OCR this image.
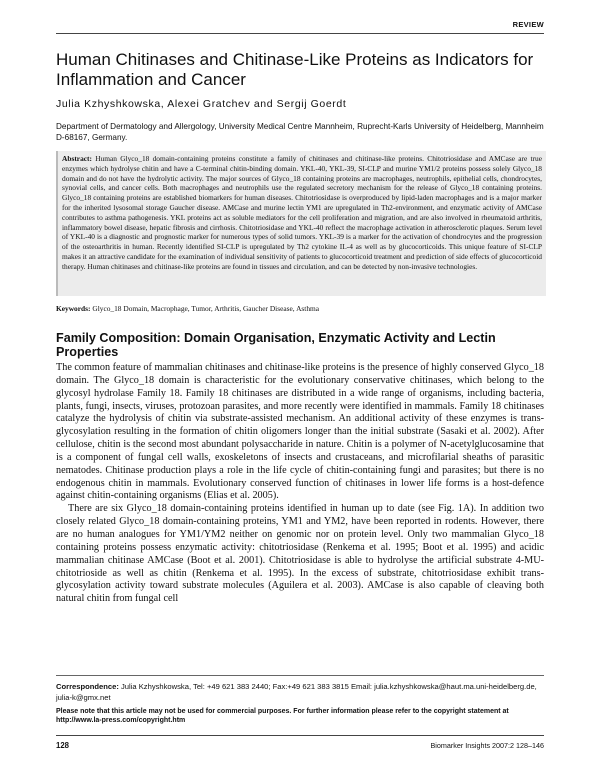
REVIEW
Human Chitinases and Chitinase-Like Proteins as Indicators for Inflammation and Cancer
Julia Kzhyshkowska, Alexei Gratchev and Sergij Goerdt
Department of Dermatology and Allergology, University Medical Centre Mannheim, Ruprecht-Karls University of Heidelberg, Mannheim D-68167, Germany.
Abstract: Human Glyco_18 domain-containing proteins constitute a family of chitinases and chitinase-like proteins. Chitotriosidase and AMCase are true enzymes which hydrolyse chitin and have a C-terminal chitin-binding domain. YKL-40, YKL-39, SI-CLP and murine YM1/2 proteins possess solely Glyco_18 domain and do not have the hydrolytic activity. The major sources of Glyco_18 containing proteins are macrophages, neutrophils, epithelial cells, chondrocytes, synovial cells, and cancer cells. Both macrophages and neutrophils use the regulated secretory mechanism for the release of Glyco_18 containing proteins. Glyco_18 containing proteins are established biomarkers for human diseases. Chitotriosidase is overproduced by lipid-laden macrophages and is a major marker for the inherited lysosomal storage Gaucher disease. AMCase and murine lectin YM1 are upregulated in Th2-environment, and enzymatic activity of AMCase contributes to asthma pathogenesis. YKL proteins act as soluble mediators for the cell proliferation and migration, and are also involved in rheumatoid arthritis, inflammatory bowel disease, hepatic fibrosis and cirrhosis. Chitotriosidase and YKL-40 reflect the macrophage activation in atherosclerotic plaques. Serum level of YKL-40 is a diagnostic and prognostic marker for numerous types of solid tumors. YKL-39 is a marker for the activation of chondrocytes and the progression of the osteoarthritis in human. Recently identified SI-CLP is upregulated by Th2 cytokine IL-4 as well as by glucocorticoids. This unique feature of SI-CLP makes it an attractive candidate for the examination of individual sensitivity of patients to glucocorticoid treatment and prediction of side effects of glucocorticoid therapy. Human chitinases and chitinase-like proteins are found in tissues and circulation, and can be detected by non-invasive technologies.
Keywords: Glyco_18 Domain, Macrophage, Tumor, Arthritis, Gaucher Disease, Asthma
Family Composition: Domain Organisation, Enzymatic Activity and Lectin Properties

The common feature of mammalian chitinases and chitinase-like proteins is the presence of highly conserved Glyco_18 domain. The Glyco_18 domain is characteristic for the evolutionary conservative chitinases, which belong to the glycosyl hydrolase Family 18. Family 18 chitinases are distributed in a wide range of organisms, including bacteria, plants, fungi, insects, viruses, protozoan parasites, and more recently were identified in mammals. Family 18 chitinases catalyze the hydrolysis of chitin via substrate-assisted mechanism. An additional activity of these enzymes is trans-glycosylation resulting in the formation of chitin oligomers longer than the initial substrate (Sasaki et al. 2002). After cellulose, chitin is the second most abundant polysaccharide in nature. Chitin is a polymer of N-acetylglucosamine that is a component of fungal cell walls, exoskeletons of insects and crustaceans, and microfilarial sheaths of parasitic nematodes. Chitinase production plays a role in the life cycle of chitin-containing fungi and parasites; but there is no endogenous chitin in mammals. Evolutionary conserved function of chitinases in lower life forms is a host-defence against chitin-containing organisms (Elias et al. 2005).

There are six Glyco_18 domain-containing proteins identified in human up to date (see Fig. 1A). In addition two closely related Glyco_18 domain-containing proteins, YM1 and YM2, have been reported in rodents. However, there are no human analogues for YM1/YM2 neither on genomic nor on protein level. Only two mammalian Glyco_18 containing proteins possess enzymatic activity: chitotriosidase (Renkema et al. 1995; Boot et al. 1995) and acidic mammalian chitinase AMCase (Boot et al. 2001). Chitotriosidase is able to hydrolyse the artificial substrate 4-MU-chitotrioside as well as chitin (Renkema et al. 1995). In the excess of substrate, chitotriosidase exhibit trans-glycosylation activity toward substrate molecules (Aguilera et al. 2003). AMCase is also capable of cleaving both natural chitin from fungal cell

Correspondence: Julia Kzhyshkowska, Tel: +49 621 383 2440; Fax:+49 621 383 3815 Email: julia.kzhyshkowska@haut.ma.uni-heidelberg.de, julia-k@gmx.net
Please note that this article may not be used for commercial purposes. For further information please refer to the copyright statement at http://www.la-press.com/copyright.htm
128	Biomarker Insights 2007:2 128–146
